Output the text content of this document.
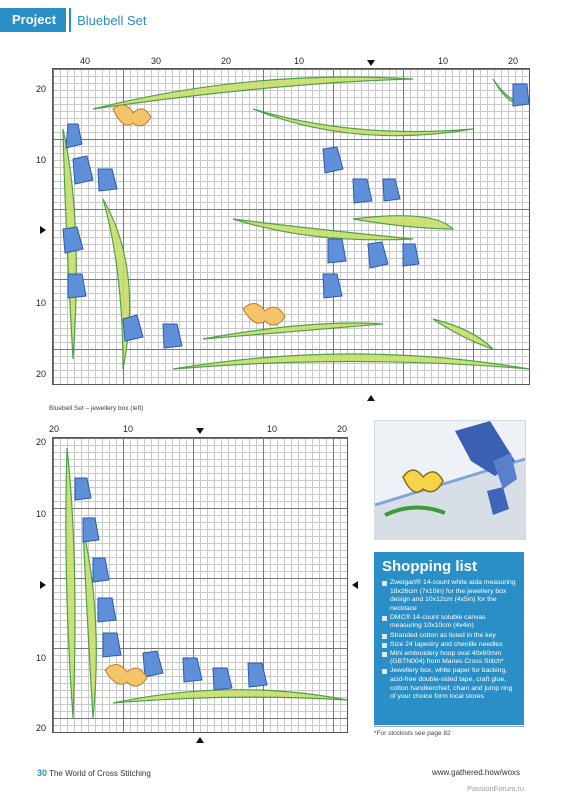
Project	Bluebell Set
40	30	20	10	10	20
20
10
10
20
Bluebell Set – jewellery box (left)
20	10	10	20
20
10
10
20
Shopping list
Zweigart® 14-count white aida measuring 18x26cm (7x10in) for the jewellery box design and 10x12cm (4x5in) for the necklace
DMC® 14-count soluble canvas measuring 10x10cm (4x4in)
Stranded cotton as listed in the key
Size 24 tapestry and chenille needles
Mini embroidery hoop oval 40x60mm (GBTN004) from Maries Cross Stitch*
Jewellery box, white paper for backing, acid-free double-sided tape, craft glue, cotton handkerchief, chain and jump ring of your choice form local stores
*For stockists see page 82
30 The World of Cross Stitching	www.gathered.how/woxs
PassionForum.ru
